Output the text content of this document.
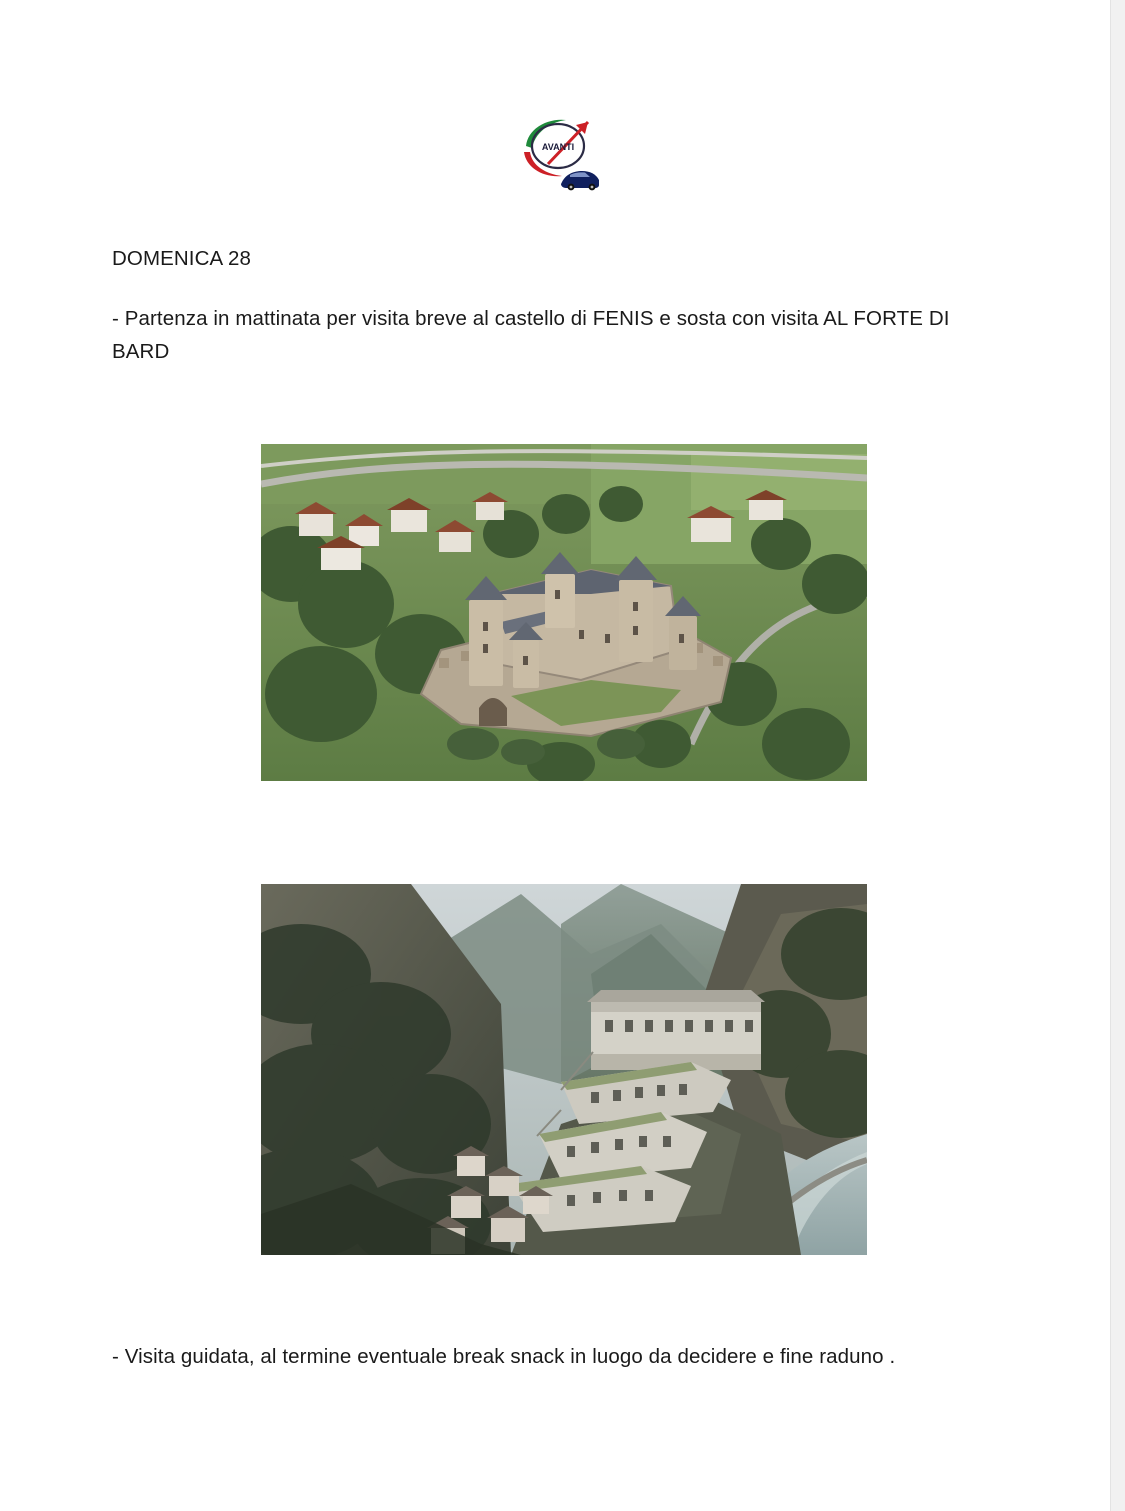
AVANTI
DOMENICA 28
- Partenza in mattinata per visita breve al castello di FENIS e sosta con visita AL FORTE DI BARD
- Visita guidata, al termine eventuale break snack in luogo da decidere e fine raduno .
